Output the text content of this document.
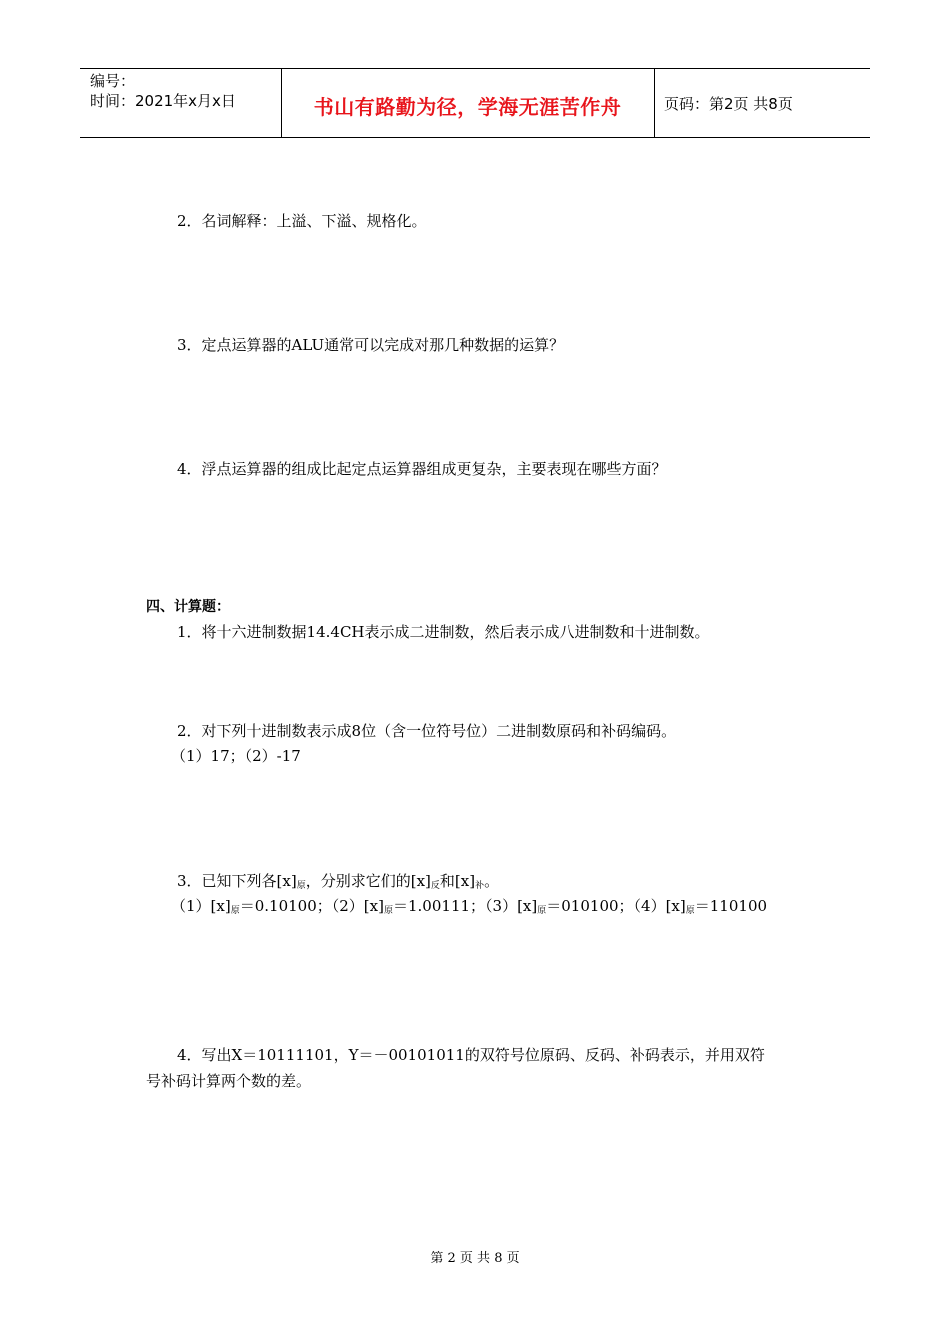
编号：
时间：2021年x月x日	书山有路勤为径，学海无涯苦作舟	页码：第2页 共8页
2．名词解释：上溢、下溢、规格化。
3．定点运算器的ALU通常可以完成对那几种数据的运算？
4．浮点运算器的组成比起定点运算器组成更复杂，主要表现在哪些方面？
四、计算题：
1．将十六进制数据14.4CH表示成二进制数，然后表示成八进制数和十进制数。
2．对下列十进制数表示成8位（含一位符号位）二进制数原码和补码编码。
（1）17；（2）-17
3．已知下列各$[x]_原$，分别求它们的$[x]_反$和$[x]_补$。
$(1)[x]_原=0.10100$；$(2)[x]_原=1.00111$；$(3)[x]_原=010100$；$(4)[x]_原=110100$
4．写出X＝10111101，Y＝－00101011的双符号位原码、反码、补码表示，并用双符
号补码计算两个数的差。
第 2 页 共 8 页
